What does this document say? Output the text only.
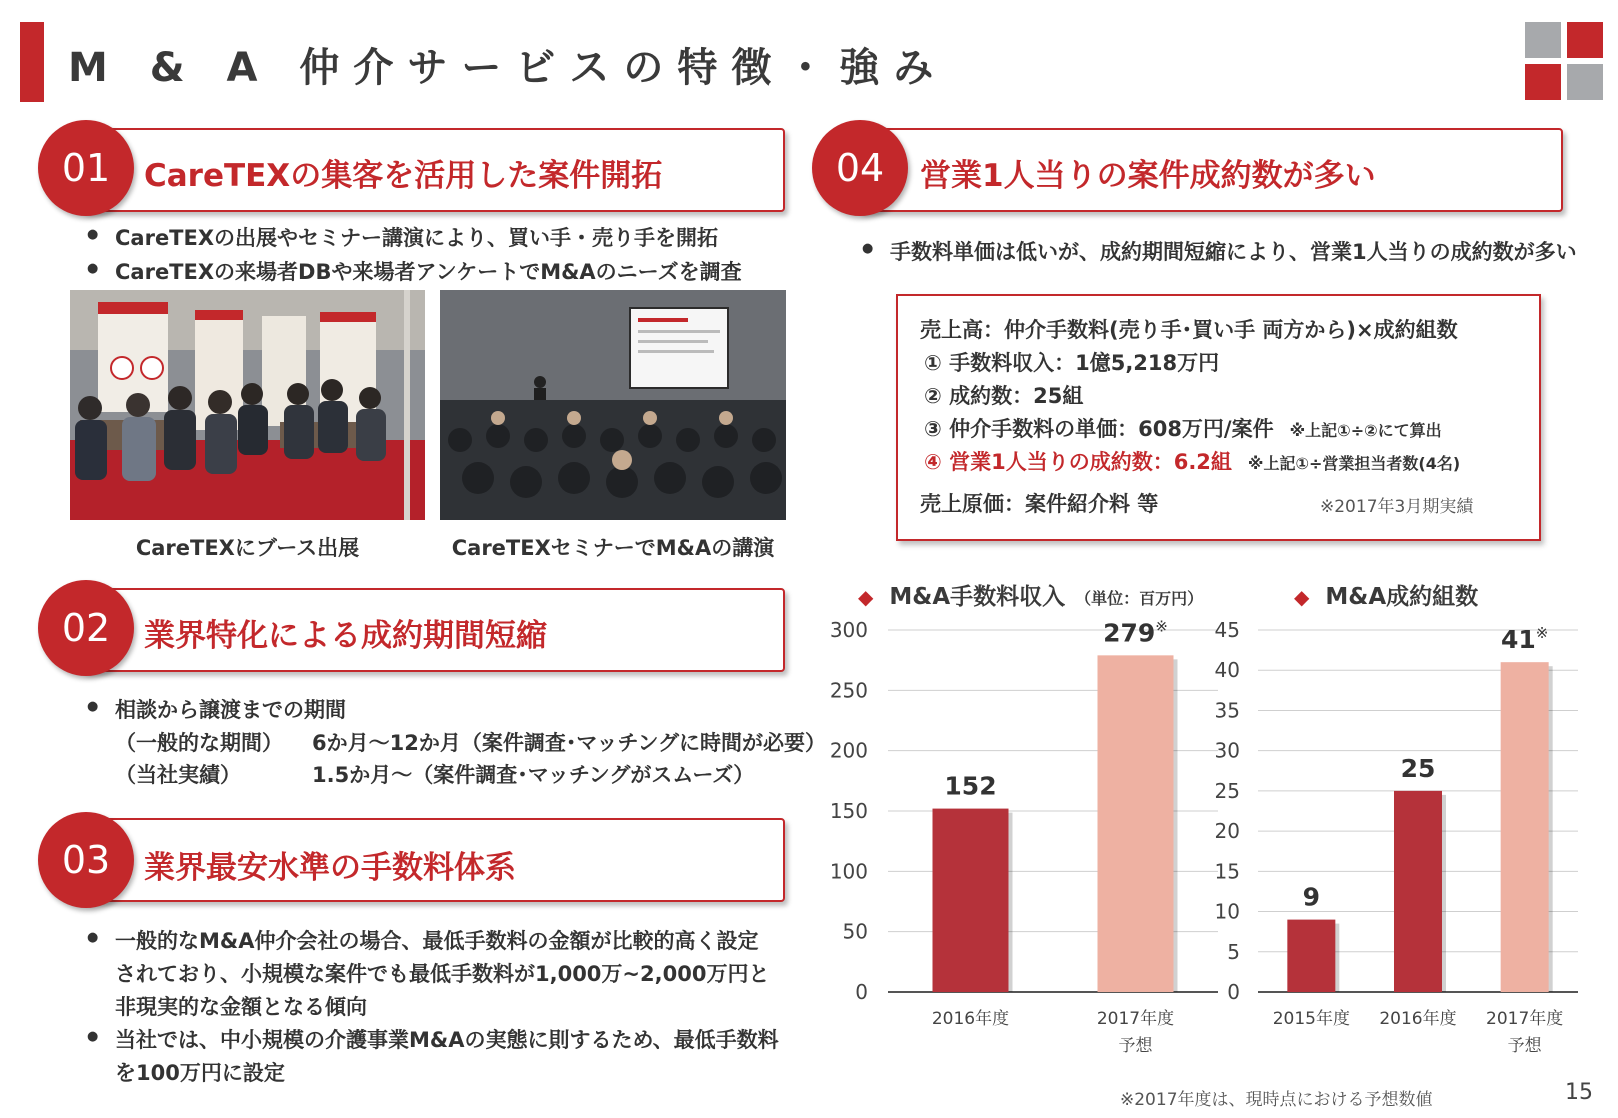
M & A 仲介サービスの特徴・強み
01	CareTEXの集客を活用した案件開拓
● CareTEXの出展やセミナー講演により、買い手・売り手を開拓
● CareTEXの来場者DBや来場者アンケートでM&Aのニーズを調査
CareTEXにブース出展	CareTEXセミナーでM&Aの講演
02	業界特化による成約期間短縮
● 相談から譲渡までの期間
（一般的な期間） 6か月～12か月（案件調査･マッチングに時間が必要）
（当社実績）	1.5か月～（案件調査･マッチングがスムーズ）
03	業界最安水準の手数料体系
● 一般的なM&A仲介会社の場合、最低手数料の金額が比較的高く設定
されており、小規模な案件でも最低手数料が1,000万~2,000万円と
非現実的な金額となる傾向
● 当社では、中小規模の介護事業M&Aの実態に則するため、最低手数料
を100万円に設定
04	営業1人当りの案件成約数が多い
● 手数料単価は低いが、成約期間短縮により、営業1人当りの成約数が多い
売上高：仲介手数料(売り手･買い手 両方から)×成約組数
① 手数料収入：1億5,218万円
② 成約数：25組
③ 仲介手数料の単価：608万円/案件 ※上記①÷②にて算出
④ 営業1人当りの成約数：6.2組 ※上記①÷営業担当者数(4名)
売上原価：案件紹介料 等	※2017年3月期実績
◆ M&A手数料収入 （単位：百万円）	◆ M&A成約組数
0
50
100
150
200
250
300
152
2016年度
279※
2017年度
予想
0
5
10
15
20
25
30
35
40
45
9
2015年度
25
2016年度
41※
2017年度
予想
※2017年度は、現時点における予想数値	15
